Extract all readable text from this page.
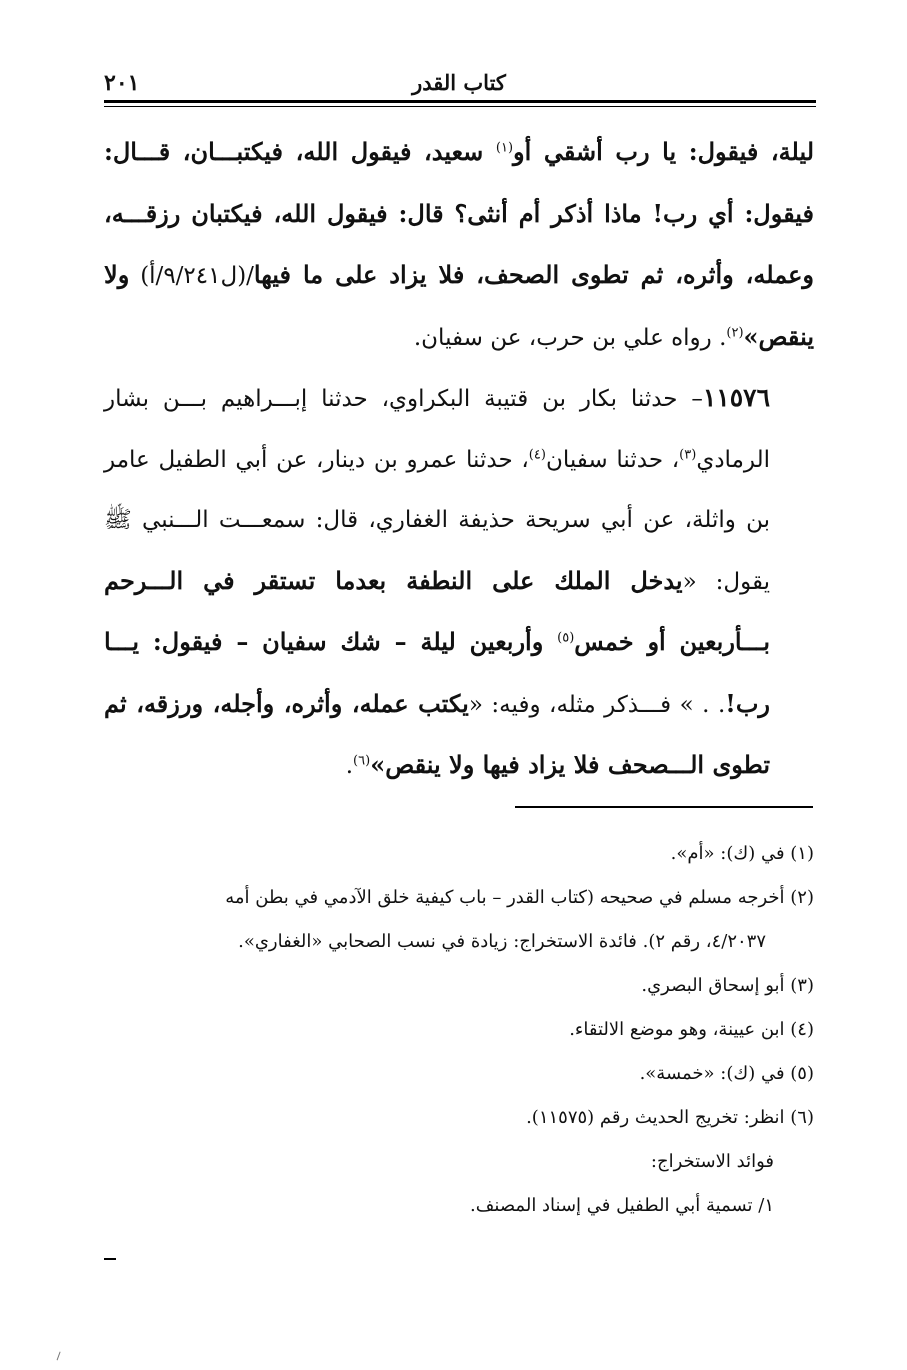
كتاب القدر
٢٠١

ليلة، فيقول: يا رب أشقي أو$^{(١)}$ سعيد، فيقول الله، فيكتبـــان، قـــال: فيقول: أي رب! ماذا أذكر أم أنثى؟ قال: فيقول الله، فيكتبان رزقـــه، وعمله، وأثره، ثم تطوى الصحف، فلا يزاد على ما فيها/(ل٩/٢٤١/أ) ولا ينقص»$^{(٢)}$. رواه علي بن حرب، عن سفيان.

١١٥٧٦– حدثنا بكار بن قتيبة البكراوي، حدثنا إبـــراهيم بـــن بشار الرمادي$^{(٣)}$، حدثنا سفيان$^{(٤)}$، حدثنا عمرو بن دينار، عن أبي الطفيل عامر بن واثلة، عن أبي سريحة حذيفة الغفاري، قال: سمعـــت الـــنبي ﷺ يقول: «يدخل الملك على النطفة بعدما تستقر في الـــرحم بـــأربعين أو خمس$^{(٥)}$ وأربعين ليلة – شك سفيان – فيقول: يـــا رب!. . » فـــذكر مثله، وفيه: «يكتب عمله، وأثره، وأجله، ورزقه، ثم تطوى الـــصحف فلا يزاد فيها ولا ينقص»$^{(٦)}$.

(١) في (ك): «أم».

(٢) أخرجه مسلم في صحيحه (كتاب القدر – باب كيفية خلق الآدمي في بطن أمه

٤/٢٠٣٧، رقم ٢). فائدة الاستخراج: زيادة في نسب الصحابي «الغفاري».

(٣) أبو إسحاق البصري.

(٤) ابن عيينة، وهو موضع الالتقاء.

(٥) في (ك): «خمسة».

(٦) انظر: تخريج الحديث رقم (١١٥٧٥).

فوائد الاستخراج:

١/ تسمية أبي الطفيل في إسناد المصنف.
